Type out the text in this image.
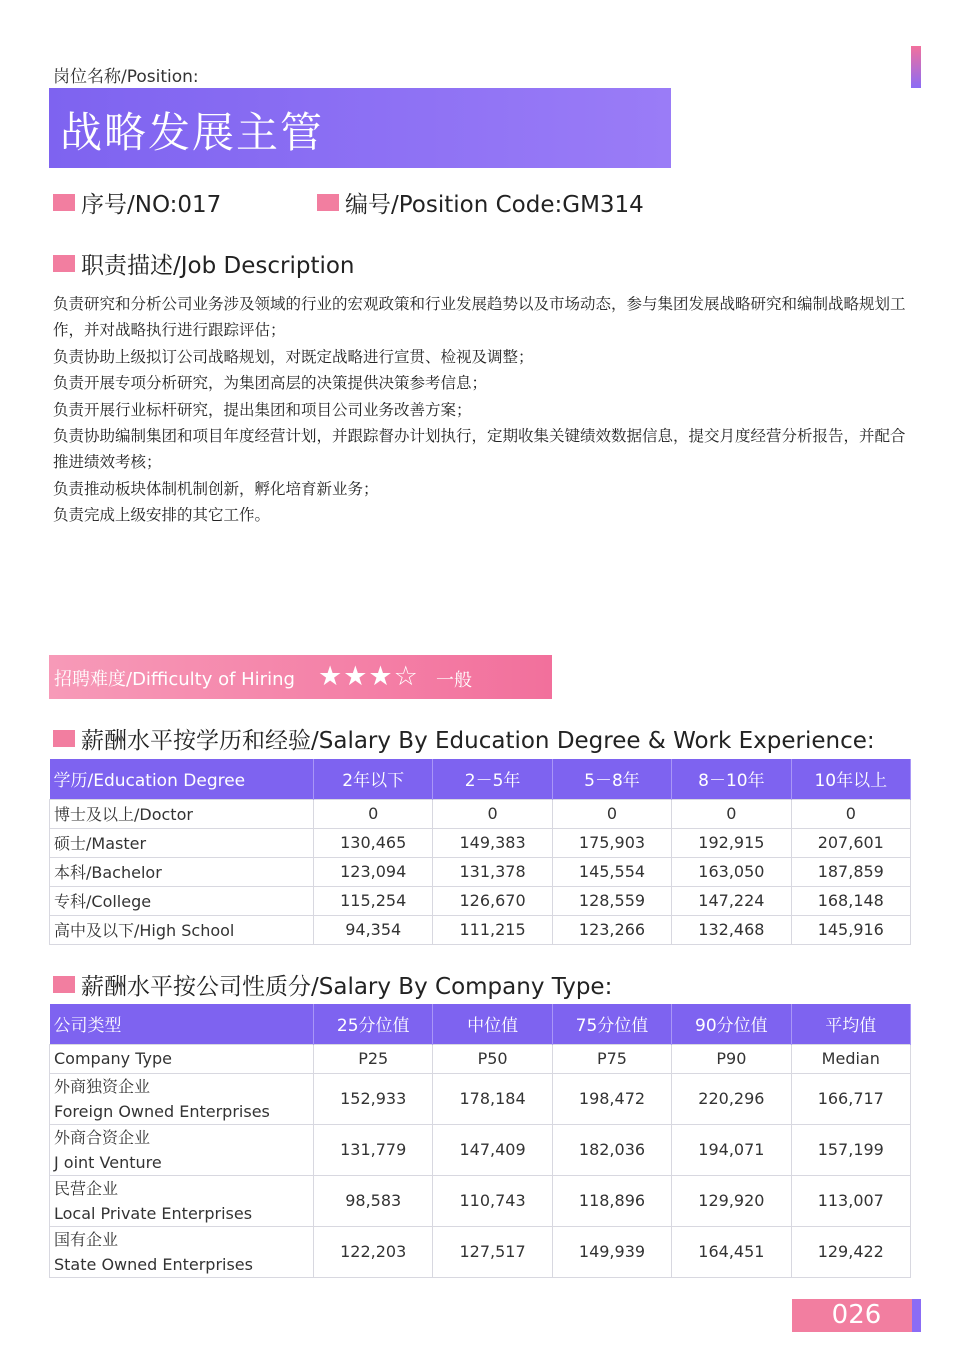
岗位名称/Position:
战略发展主管
序号/NO:017	编号/Position Code:GM314
职责描述/Job Description
负责研究和分析公司业务涉及领域的行业的宏观政策和行业发展趋势以及市场动态，参与集团发展战略研究和编制战略规划工作，并对战略执行进行跟踪评估；
负责协助上级拟订公司战略规划，对既定战略进行宣贯、检视及调整；
负责开展专项分析研究，为集团高层的决策提供决策参考信息；
负责开展行业标杆研究，提出集团和项目公司业务改善方案；
负责协助编制集团和项目年度经营计划，并跟踪督办计划执行，定期收集关键绩效数据信息，提交月度经营分析报告，并配合推进绩效考核；
负责推动板块体制机制创新，孵化培育新业务；
负责完成上级安排的其它工作。
招聘难度/Difficulty of Hiring ★★★☆ 一般
薪酬水平按学历和经验/Salary By Education Degree & Work Experience:
学历/Education Degree	2年以下	2－5年	5－8年	8－10年	10年以上
博士及以上/Doctor	0	0	0	0	0
硕士/Master	130,465	149,383	175,903	192,915	207,601
本科/Bachelor	123,094	131,378	145,554	163,050	187,859
专科/College	115,254	126,670	128,559	147,224	168,148
高中及以下/High School	94,354	111,215	123,266	132,468	145,916
薪酬水平按公司性质分/Salary By Company Type:
公司类型	25分位值	中位值	75分位值	90分位值	平均值
Company Type	P25	P50	P75	P90	Median

外商独资企业
Foreign Owned Enterprises	152,933	178,184	198,472	220,296	166,717

外商合资企业
J oint Venture	131,779	147,409	182,036	194,071	157,199

民营企业
Local Private Enterprises	98,583	110,743	118,896	129,920	113,007

国有企业
State Owned Enterprises	122,203	127,517	149,939	164,451	129,422
026
